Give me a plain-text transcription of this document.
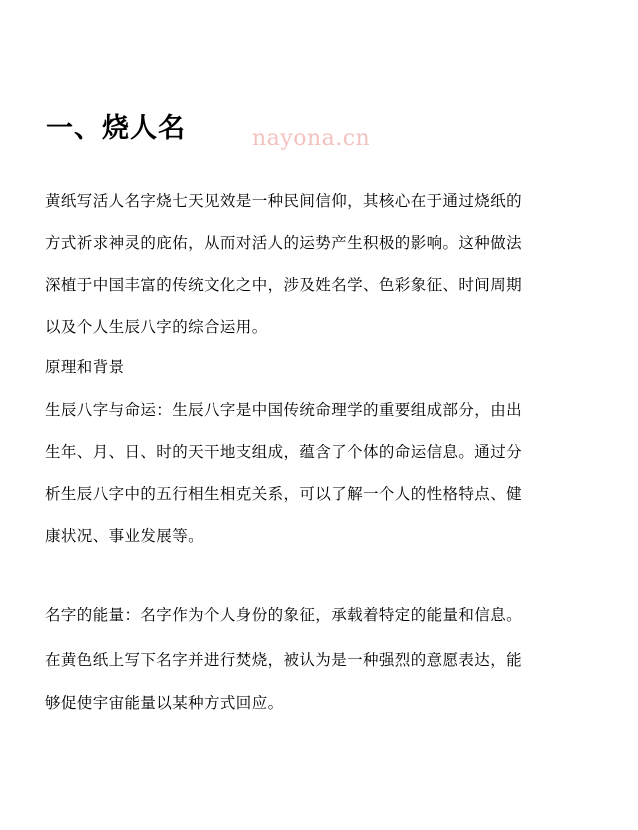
一、烧人名	nayona.cn
黄纸写活人名字烧七天见效是一种民间信仰，其核心在于通过烧纸的
方式祈求神灵的庇佑，从而对活人的运势产生积极的影响。这种做法
深植于中国丰富的传统文化之中，涉及姓名学、色彩象征、时间周期
以及个人生辰八字的综合运用。
原理和背景
生辰八字与命运：生辰八字是中国传统命理学的重要组成部分，由出
生年、月、日、时的天干地支组成，蕴含了个体的命运信息。通过分
析生辰八字中的五行相生相克关系，可以了解一个人的性格特点、健
康状况、事业发展等。
名字的能量：名字作为个人身份的象征，承载着特定的能量和信息。
在黄色纸上写下名字并进行焚烧，被认为是一种强烈的意愿表达，能
够促使宇宙能量以某种方式回应。
